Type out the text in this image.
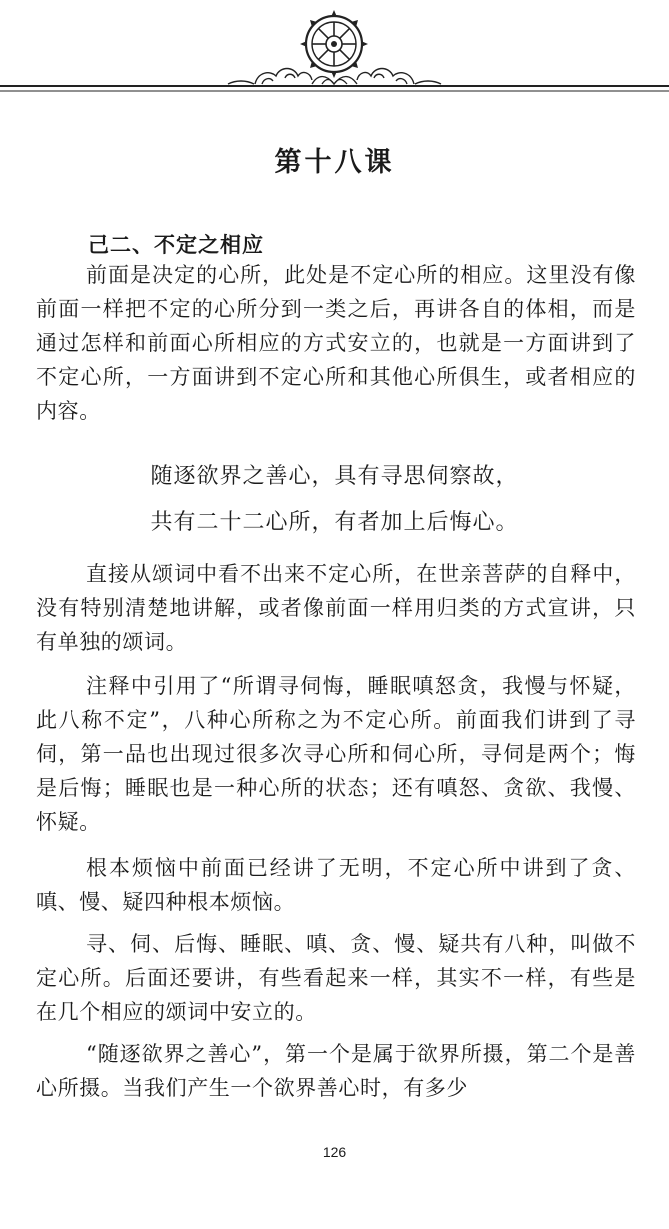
第十八课
己二、不定之相应

前面是决定的心所，此处是不定心所的相应。这里没有像前面一样把不定的心所分到一类之后，再讲各自的体相，而是通过怎样和前面心所相应的方式安立的，也就是一方面讲到了不定心所，一方面讲到不定心所和其他心所俱生，或者相应的内容。

随逐欲界之善心，具有寻思伺察故，

共有二十二心所，有者加上后悔心。

直接从颂词中看不出来不定心所，在世亲菩萨的自释中，没有特别清楚地讲解，或者像前面一样用归类的方式宣讲，只有单独的颂词。

注释中引用了“所谓寻伺悔，睡眠嗔怒贪，我慢与怀疑，此八称不定”，八种心所称之为不定心所。前面我们讲到了寻伺，第一品也出现过很多次寻心所和伺心所，寻伺是两个；悔是后悔；睡眠也是一种心所的状态；还有嗔怒、贪欲、我慢、怀疑。

根本烦恼中前面已经讲了无明，不定心所中讲到了贪、嗔、慢、疑四种根本烦恼。

寻、伺、后悔、睡眠、嗔、贪、慢、疑共有八种，叫做不定心所。后面还要讲，有些看起来一样，其实不一样，有些是在几个相应的颂词中安立的。

“随逐欲界之善心”，第一个是属于欲界所摄，第二个是善心所摄。当我们产生一个欲界善心时，有多少

126
